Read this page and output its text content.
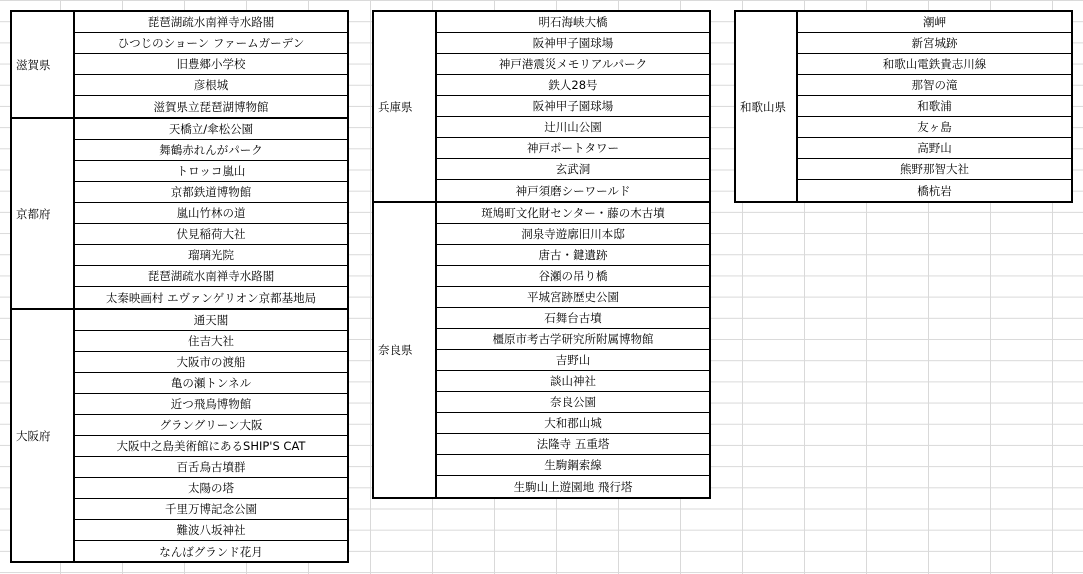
滋賀県
琵琶湖疏水南禅寺水路閣
ひつじのショーン ファームガーデン
旧豊郷小学校
彦根城
滋賀県立琵琶湖博物館
京都府
天橋立/傘松公園
舞鶴赤れんがパーク
トロッコ嵐山
京都鉄道博物館
嵐山竹林の道
伏見稲荷大社
瑠璃光院
琵琶湖疏水南禅寺水路閣
太秦映画村 エヴァンゲリオン京都基地局
大阪府
通天閣
住吉大社
大阪市の渡船
亀の瀬トンネル
近つ飛鳥博物館
グラングリーン大阪
大阪中之島美術館にあるSHIP'S CAT
百舌鳥古墳群
太陽の塔
千里万博記念公園
難波八坂神社
なんばグランド花月
兵庫県
明石海峡大橋
阪神甲子園球場
神戸港震災メモリアルパーク
鉄人28号
阪神甲子園球場
辻川山公園
神戸ポートタワー
玄武洞
神戸須磨シーワールド
奈良県
斑鳩町文化財センター・藤の木古墳
洞泉寺遊廓旧川本邸
唐古・鍵遺跡
谷瀬の吊り橋
平城宮跡歴史公園
石舞台古墳
橿原市考古学研究所附属博物館
吉野山
談山神社
奈良公園
大和郡山城
法隆寺 五重塔
生駒鋼索線
生駒山上遊園地 飛行塔
和歌山県
潮岬
新宮城跡
和歌山電鉄貴志川線
那智の滝
和歌浦
友ヶ島
高野山
熊野那智大社
橋杭岩
